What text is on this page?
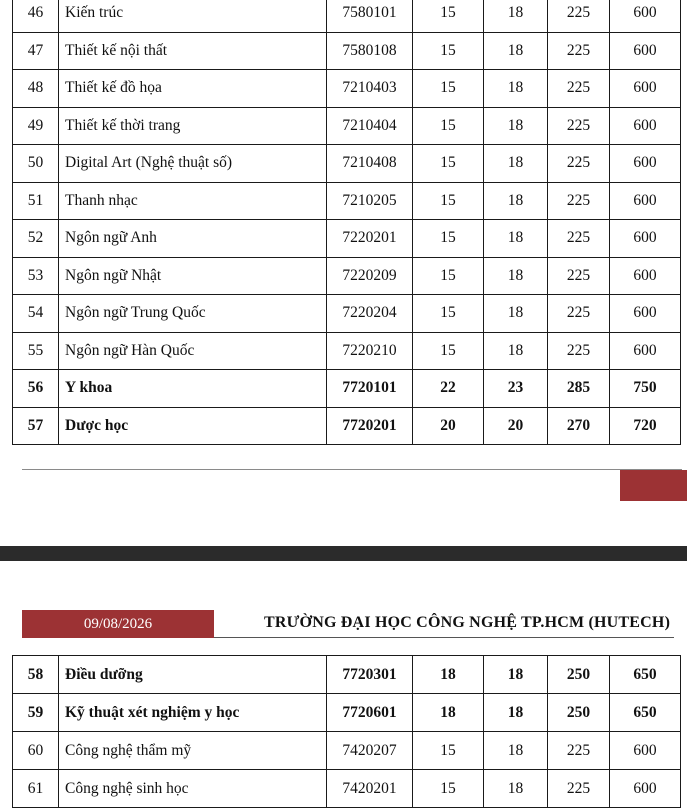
46	Kiến trúc	7580101	15	18	225	600
47	Thiết kế nội thất	7580108	15	18	225	600
48	Thiết kế đồ họa	7210403	15	18	225	600
49	Thiết kế thời trang	7210404	15	18	225	600
50	Digital Art (Nghệ thuật số)	7210408	15	18	225	600
51	Thanh nhạc	7210205	15	18	225	600
52	Ngôn ngữ Anh	7220201	15	18	225	600
53	Ngôn ngữ Nhật	7220209	15	18	225	600
54	Ngôn ngữ Trung Quốc	7220204	15	18	225	600
55	Ngôn ngữ Hàn Quốc	7220210	15	18	225	600
56	Y khoa	7720101	22	23	285	750
57	Dược học	7720201	20	20	270	720
09/08/2026	TRƯỜNG ĐẠI HỌC CÔNG NGHỆ TP.HCM (HUTECH)
58	Điều dưỡng	7720301	18	18	250	650
59	Kỹ thuật xét nghiệm y học	7720601	18	18	250	650
60	Công nghệ thẩm mỹ	7420207	15	18	225	600
61	Công nghệ sinh học	7420201	15	18	225	600
